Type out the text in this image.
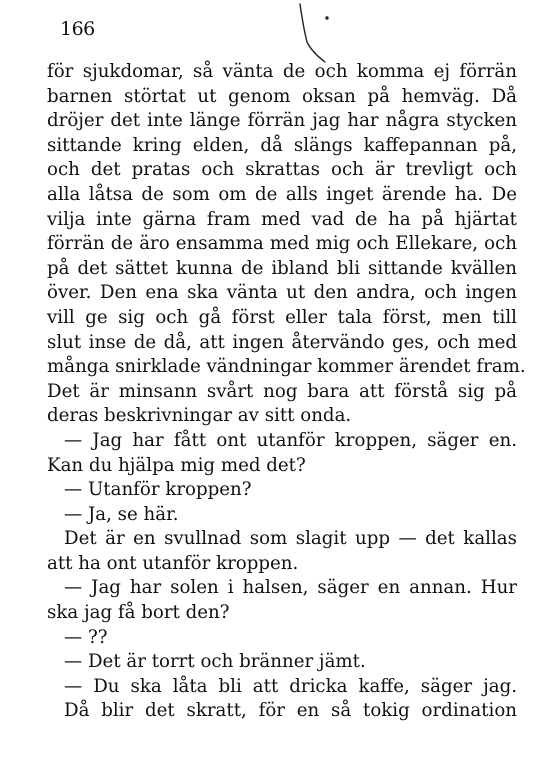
166
för sjukdomar, så vänta de och komma ej förrän
barnen störtat ut genom oksan på hemväg. Då
dröjer det inte länge förrän jag har några stycken
sittande kring elden, då slängs kaffepannan på,
och det pratas och skrattas och är trevligt och
alla låtsa de som om de alls inget ärende ha. De
vilja inte gärna fram med vad de ha på hjärtat
förrän de äro ensamma med mig och Ellekare, och
på det sättet kunna de ibland bli sittande kvällen
över. Den ena ska vänta ut den andra, och ingen
vill ge sig och gå först eller tala först, men till
slut inse de då, att ingen återvändo ges, och med
många snirklade vändningar kommer ärendet fram.
Det är minsann svårt nog bara att förstå sig på
deras beskrivningar av sitt onda.
— Jag har fått ont utanför kroppen, säger en.
Kan du hjälpa mig med det?
— Utanför kroppen?
— Ja, se här.
Det är en svullnad som slagit upp — det kallas
att ha ont utanför kroppen.
— Jag har solen i halsen, säger en annan. Hur
ska jag få bort den?
— ??
— Det är torrt och bränner jämt.
— Du ska låta bli att dricka kaffe, säger jag.
Då blir det skratt, för en så tokig ordination
